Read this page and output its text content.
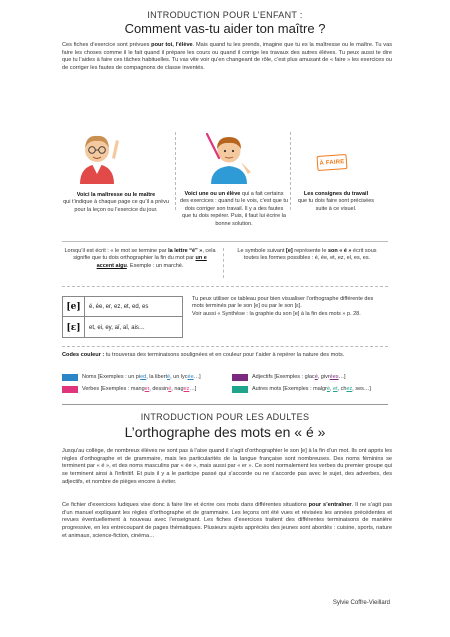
INTRODUCTION POUR L’ENFANT :
Comment vas-tu aider ton maître ?
Ces fiches d’exercice sont prévues pour toi, l’élève. Mais quand tu les prends, imagine que tu es la maîtresse ou le maître. Tu vas faire les choses comme il le fait quand il prépare les cours ou quand il corrige les travaux des autres élèves. Tu peux aussi te dire que tu l’aides à faire ces tâches habituelles. Tu vas vite voir qu’en changeant de rôle, c’est plus amusant de « faire » les exercices ou de corriger les fautes de compagnons de classe inventés.
À FAIRE
Voici la maîtresse ou le maître
qui t’indique à chaque page ce qu’il a prévu pour la leçon ou l’exercice du jour.
Voici une ou un élève qui a fait certains des exercices : quand tu le vois, c’est que tu dois corriger son travail. Il y a des fautes que tu dois repérer. Puis, il faut lui écrire la bonne solution.
Les consignes du travail
que tu dois faire sont précisées suite à ce visuel.
Lorsqu’il est écrit : « le mot se termine par la lettre “é” », cela signifie que tu dois orthographier la fin du mot par un e accent aigu. Exemple : un marché.
Le symbole suivant [e] représente le son « é » écrit sous toutes les formes possibles : é, ée, et, ez, el, es, es.
[e]	é, ée, er, ez, et, ed, es
[ε]	et, ei, ey, aï, aî, ais…
Tu peux utiliser ce tableau pour bien visualiser l’orthographe différente des mots terminés par le son [e] ou par le son [ε].
Voir aussi « Synthèse : la graphie du son [e] à la fin des mots » p. 28.
Codes couleur : tu trouveras des terminaisons soulignées et en couleur pour t’aider à repérer la nature des mots.
Noms [Exemples : un pied, la liberté, un lycée…]
Verbes [Exemples : manger, dessiné, nagez…]
Adjectifs [Exemples : glacé, givrées…]
Autres mots [Exemples : malgré, et, chez, ses…]
INTRODUCTION POUR LES ADULTES
L’orthographe des mots en « é »
Jusqu’au collège, de nombreux élèves ne sont pas à l’aise quand il s’agit d’orthographier le son [e] à la fin d’un mot. Ils ont appris les règles d’orthographe et de grammaire, mais les particularités de la langue française sont nombreuses. Des noms féminins se terminent par « é », et des noms masculins par « ée », mais aussi par « er ». Ce sont normalement les verbes du premier groupe qui se terminent ainsi à l’infinitif. Et puis il y a le participe passé qui s’accorde ou ne s’accorde pas avec le sujet, des adverbes, des adjectifs, et nombre de pièges encore à éviter.
Ce fichier d’exercices ludiques vise donc à faire lire et écrire ces mots dans différentes situations pour s’entraîner. Il ne s’agit pas d’un manuel expliquant les règles d’orthographe et de grammaire. Les leçons ont été vues et révisées les années précédentes et revues éventuellement à nouveau avec l’enseignant. Les fiches d’exercices traitent des différentes terminaisons de manière progressive, en les entrecoupant de pages thématiques. Plusieurs sujets appréciés des jeunes sont abordés : cuisine, sports, nature et animaux, science-fiction, cinéma…
Sylvie Coffre-Vieillard
